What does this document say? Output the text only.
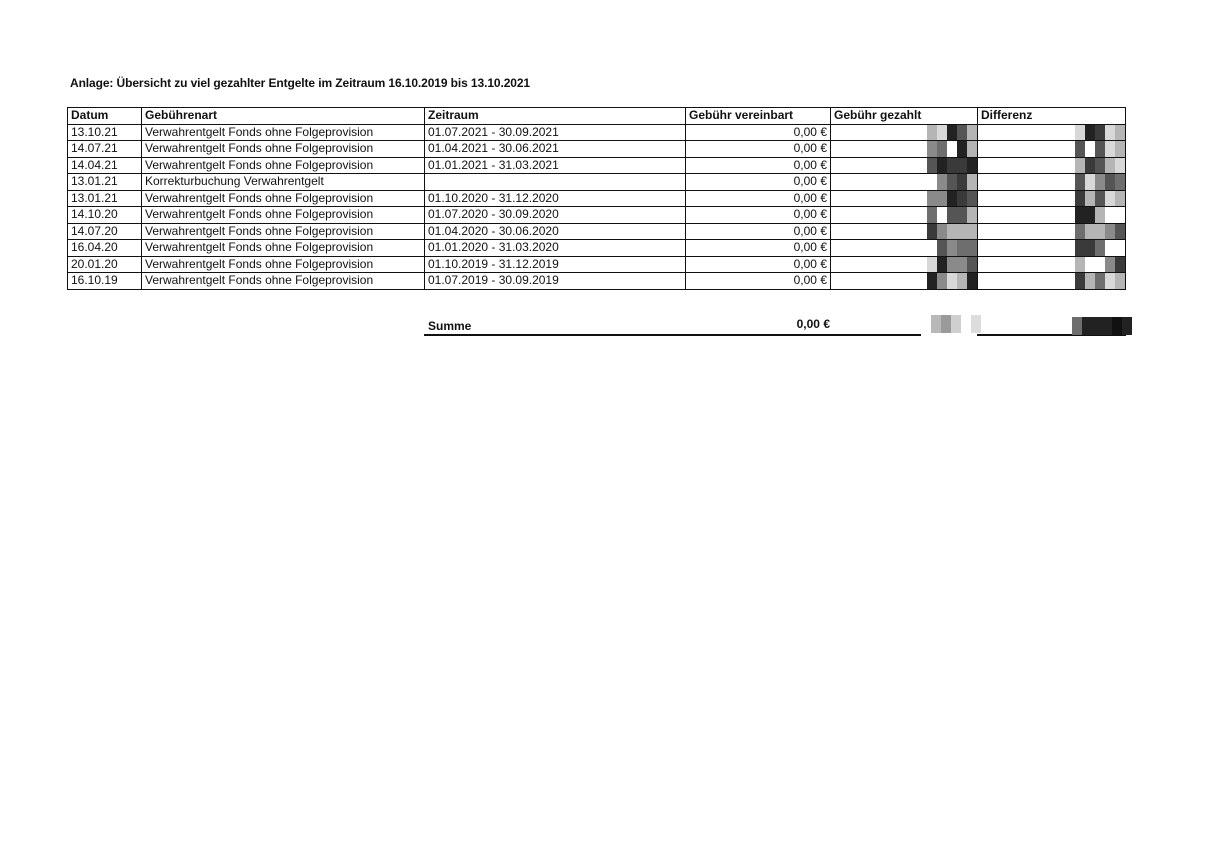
Anlage: Übersicht zu viel gezahlter Entgelte im Zeitraum 16.10.2019 bis 13.10.2021
Datum	Gebührenart	Zeitraum	Gebühr vereinbart	Gebühr gezahlt	Differenz
13.10.21	Verwahrentgelt Fonds ohne Folgeprovision	01.07.2021 - 30.09.2021	0,00 €	

14.07.21	Verwahrentgelt Fonds ohne Folgeprovision	01.04.2021 - 30.06.2021	0,00 €	

14.04.21	Verwahrentgelt Fonds ohne Folgeprovision	01.01.2021 - 31.03.2021	0,00 €	

13.01.21	Korrekturbuchung Verwahrentgelt		0,00 €	

13.01.21	Verwahrentgelt Fonds ohne Folgeprovision	01.10.2020 - 31.12.2020	0,00 €	

14.10.20	Verwahrentgelt Fonds ohne Folgeprovision	01.07.2020 - 30.09.2020	0,00 €	

14.07.20	Verwahrentgelt Fonds ohne Folgeprovision	01.04.2020 - 30.06.2020	0,00 €	

16.04.20	Verwahrentgelt Fonds ohne Folgeprovision	01.01.2020 - 31.03.2020	0,00 €	

20.01.20	Verwahrentgelt Fonds ohne Folgeprovision	01.10.2019 - 31.12.2019	0,00 €	

16.10.19	Verwahrentgelt Fonds ohne Folgeprovision	01.07.2019 - 30.09.2019	0,00 €	

Summe	0,00 €
